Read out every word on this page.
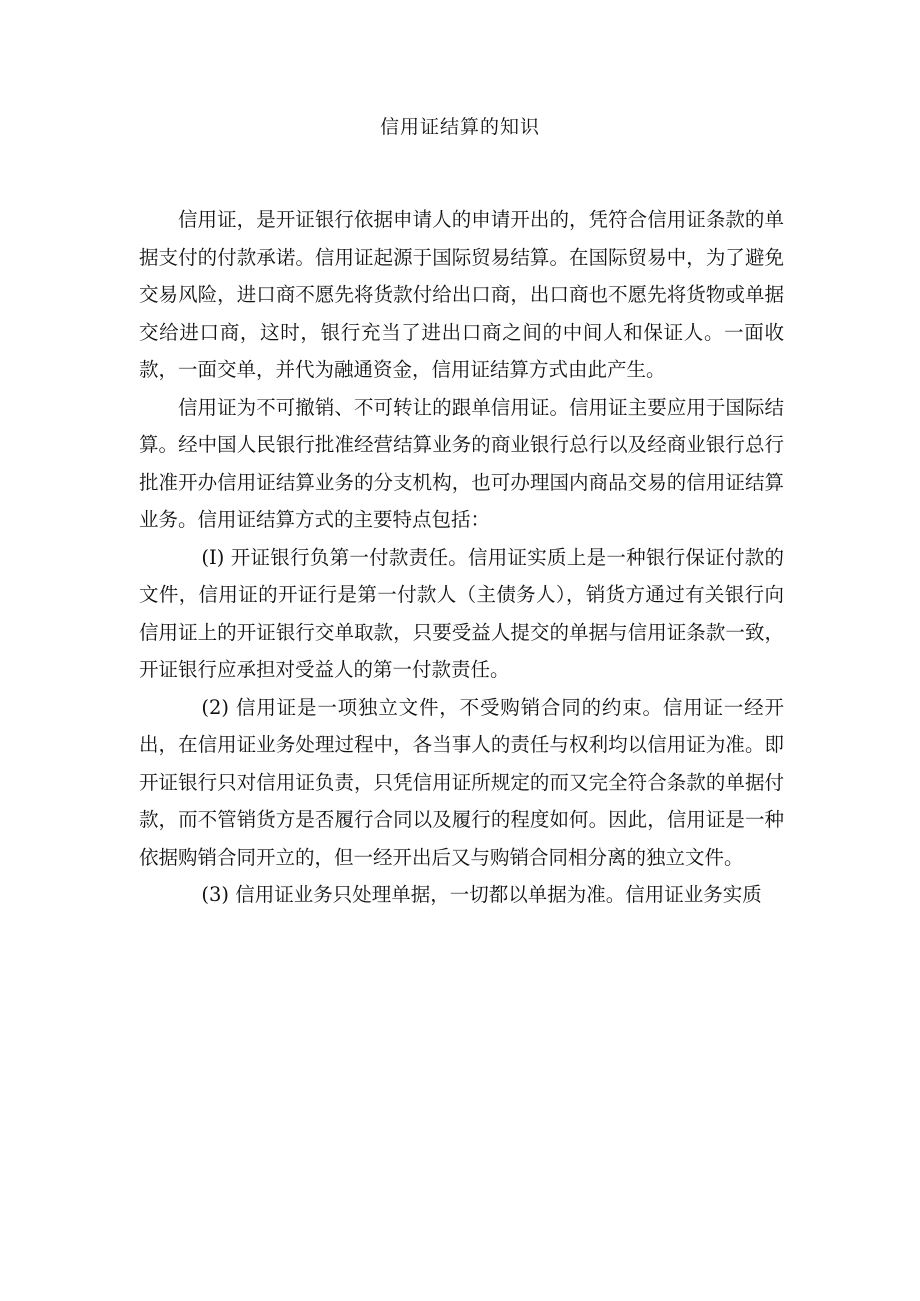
信用证结算的知识

信用证，是开证银行依据申请人的申请开出的，凭符合信用证条款的单据支付的付款承诺。信用证起源于国际贸易结算。在国际贸易中，为了避免交易风险，进口商不愿先将货款付给出口商，出口商也不愿先将货物或单据交给进口商，这时，银行充当了进出口商之间的中间人和保证人。一面收款，一面交单，并代为融通资金，信用证结算方式由此产生。

信用证为不可撤销、不可转让的跟单信用证。信用证主要应用于国际结算。经中国人民银行批准经营结算业务的商业银行总行以及经商业银行总行批准开办信用证结算业务的分支机构，也可办理国内商品交易的信用证结算业务。信用证结算方式的主要特点包括：

(I) 开证银行负第一付款责任。信用证实质上是一种银行保证付款的文件，信用证的开证行是第一付款人（主债务人），销货方通过有关银行向信用证上的开证银行交单取款，只要受益人提交的单据与信用证条款一致，开证银行应承担对受益人的第一付款责任。

(2) 信用证是一项独立文件，不受购销合同的约束。信用证一经开出，在信用证业务处理过程中，各当事人的责任与权利均以信用证为准。即开证银行只对信用证负责，只凭信用证所规定的而又完全符合条款的单据付款，而不管销货方是否履行合同以及履行的程度如何。因此，信用证是一种依据购销合同开立的，但一经开出后又与购销合同相分离的独立文件。

(3) 信用证业务只处理单据，一切都以单据为准。信用证业务实质
